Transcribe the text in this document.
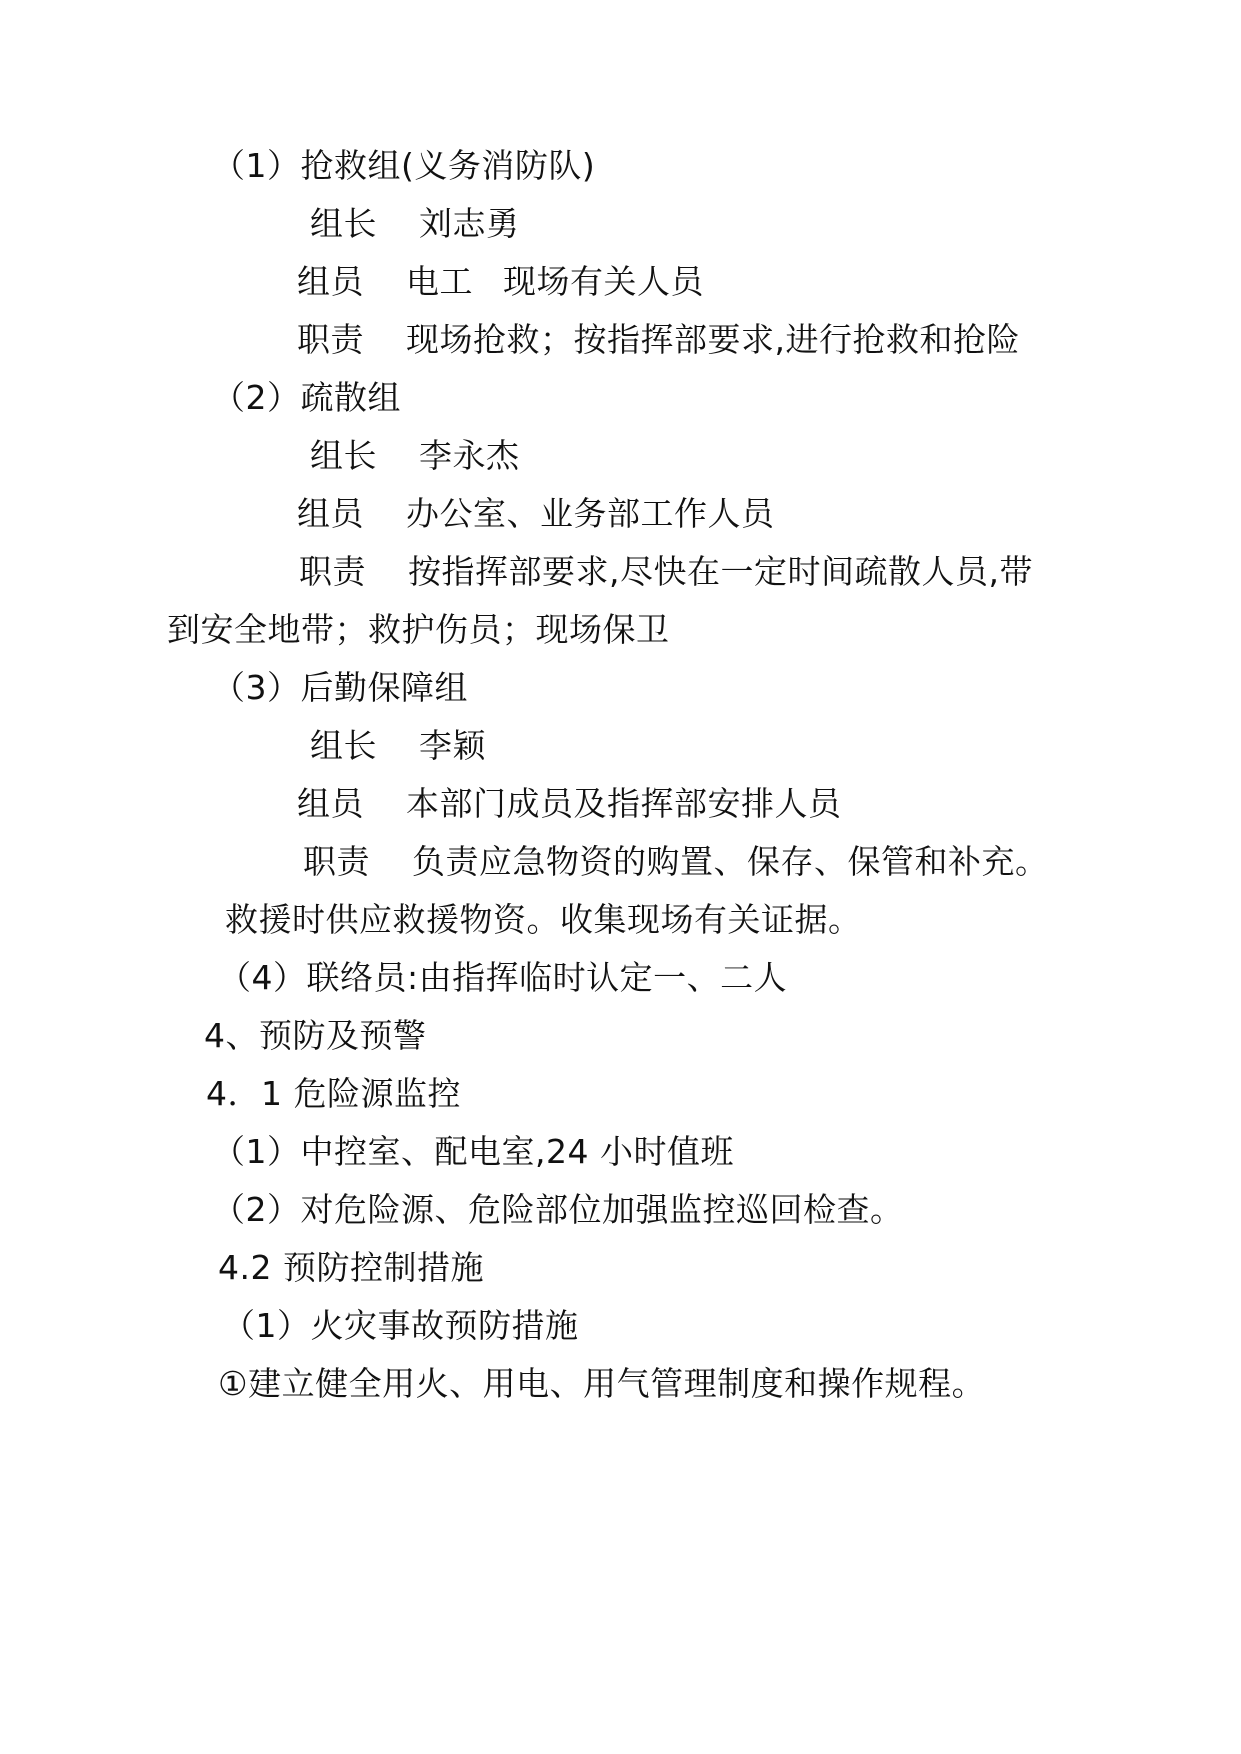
（1）抢救组(义务消防队)
组长 刘志勇
组员 电工 现场有关人员
职责 现场抢救；按指挥部要求,进行抢救和抢险
（2）疏散组
组长 李永杰
组员 办公室、业务部工作人员
职责 按指挥部要求,尽快在一定时间疏散人员,带
到安全地带；救护伤员；现场保卫
（3）后勤保障组
组长 李颖
组员 本部门成员及指挥部安排人员
职责 负责应急物资的购置、保存、保管和补充。
救援时供应救援物资。收集现场有关证据。
（4）联络员:由指挥临时认定一、二人
4、预防及预警
4．1 危险源监控
（1）中控室、配电室,24 小时值班
（2）对危险源、危险部位加强监控巡回检查。
4.2 预防控制措施
（1）火灾事故预防措施
①建立健全用火、用电、用气管理制度和操作规程。
